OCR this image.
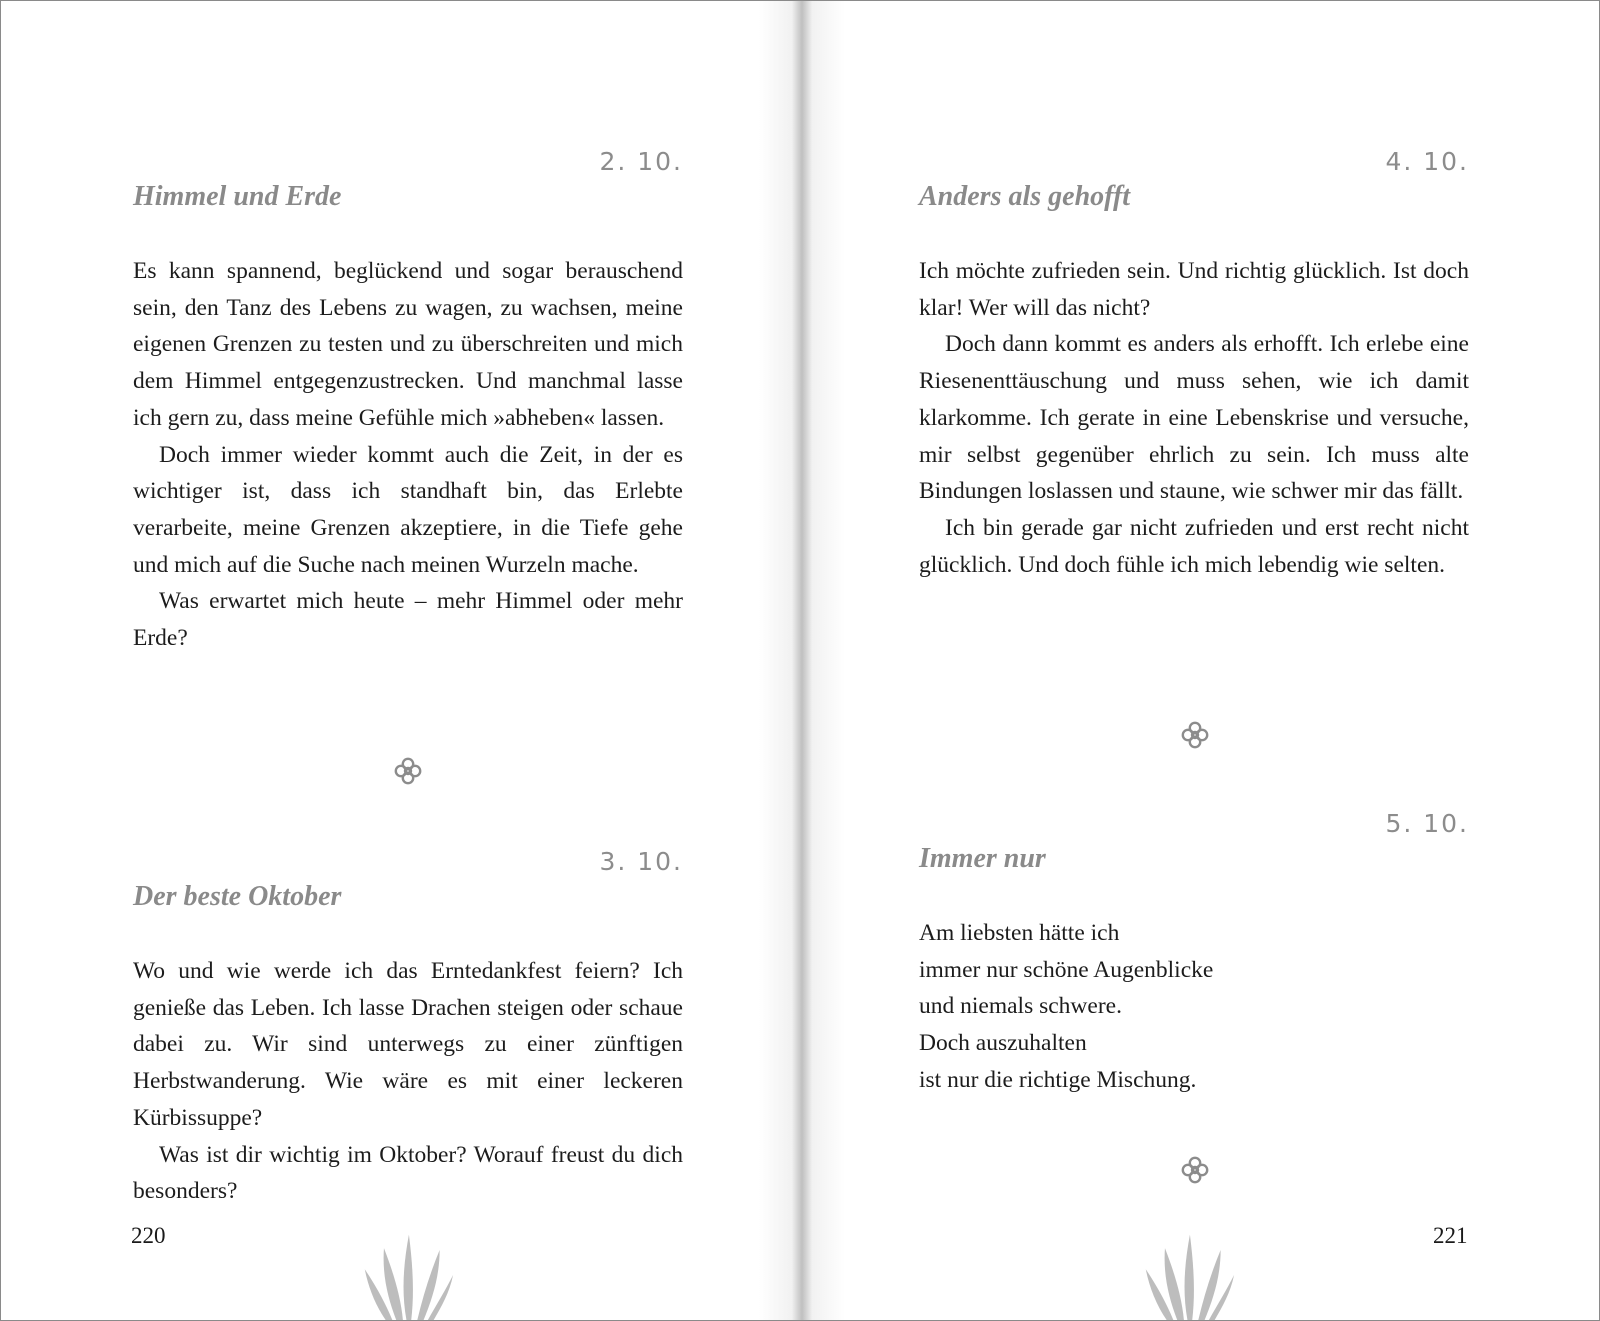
2. 10.
Himmel und Erde

Es kann spannend, beglückend und sogar berauschend sein, den Tanz des Lebens zu wagen, zu wachsen, meine eigenen Grenzen zu testen und zu überschreiten und mich dem Himmel entgegenzustrecken. Und manchmal lasse ich gern zu, dass meine Gefühle mich »abheben« lassen.

Doch immer wieder kommt auch die Zeit, in der es wichtiger ist, dass ich standhaft bin, das Erlebte verarbeite, meine Grenzen akzeptiere, in die Tiefe gehe und mich auf die Suche nach meinen Wurzeln mache.

Was erwartet mich heute – mehr Himmel oder mehr Erde?

3. 10.
Der beste Oktober

Wo und wie werde ich das Erntedankfest feiern? Ich genieße das Leben. Ich lasse Drachen steigen oder schaue dabei zu. Wir sind unterwegs zu einer zünftigen Herbstwanderung. Wie wäre es mit einer leckeren Kürbissuppe?

Was ist dir wichtig im Oktober? Worauf freust du dich besonders?

220
4. 10.
Anders als gehofft

Ich möchte zufrieden sein. Und richtig glücklich. Ist doch klar! Wer will das nicht?

Doch dann kommt es anders als erhofft. Ich erlebe eine Riesenenttäuschung und muss sehen, wie ich damit klarkomme. Ich gerate in eine Lebenskrise und versuche, mir selbst gegenüber ehrlich zu sein. Ich muss alte Bindungen loslassen und staune, wie schwer mir das fällt.

Ich bin gerade gar nicht zufrieden und erst recht nicht glücklich. Und doch fühle ich mich lebendig wie selten.

5. 10.
Immer nur
Am liebsten hätte ich
immer nur schöne Augenblicke
und niemals schwere.
Doch auszuhalten
ist nur die richtige Mischung.
221
